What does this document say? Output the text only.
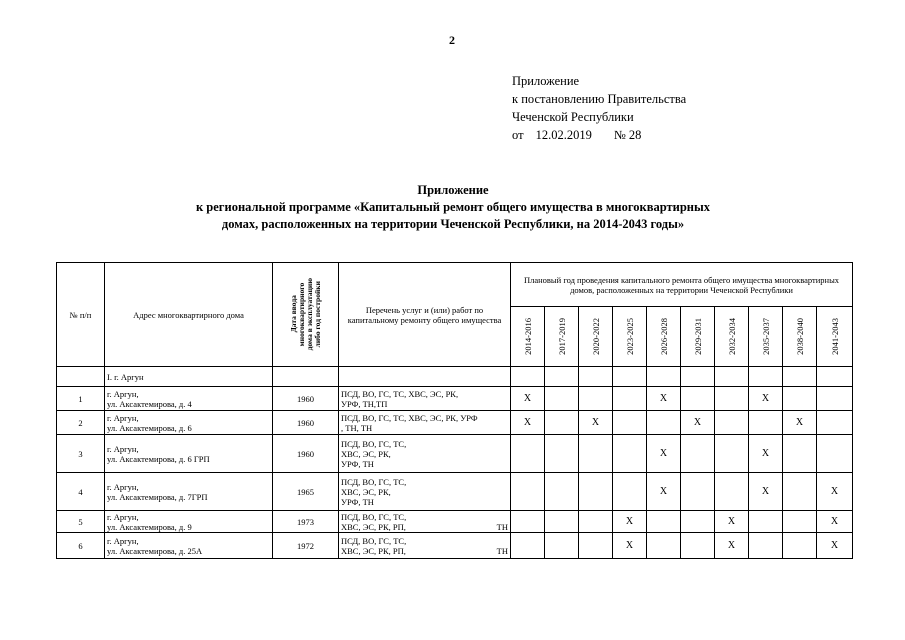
2
Приложение
к постановлению Правительства
Чеченской Республики
от 12.02.2019 № 28
Приложение
к региональной программе «Капитальный ремонт общего имущества в многоквартирных
домах, расположенных на территории Чеченской Республики, на 2014-2043 годы»
№ п/п	Адрес многоквартирного дома	Дата ввода
многоквартирного
дома в эксплуатацию
либо год постройки	Перечень услуг и (или) работ по капитальному ремонту общего имущества	Плановый год проведения капитального ремонта общего имущества многоквартирных домов, расположенных на территории Чеченской Республики									

				2014-2016	2017-2019	2020-2022	2023-2025	2026-2028	2029-2031	2032-2034	2035-2037	2038-2040	2041-2043

	I. г. Аргун												
1	г. Аргун,
ул. Аксактемирова, д. 4	1960	ПСД, ВО, ГС, ТС, ХВС, ЭС, РК,
УРФ, ТН,ТП	X				X			X		
2	г. Аргун,
ул. Аксактемирова, д. 6	1960	ПСД, ВО, ГС, ТС, ХВС, ЭС, РК, УРФ
, ТН, ТН	X		X			X			X	
3	г. Аргун,
ул. Аксактемирова, д. 6 ГРП	1960	ПСД, ВО, ГС, ТС,
ХВС, ЭС, РК,
УРФ, ТН					X			X		
4	г. Аргун,
ул. Аксактемирова, д. 7ГРП	1965	ПСД, ВО, ГС, ТС,
ХВС, ЭС, РК,
УРФ, ТН					X			X		X
5	г. Аргун,
ул. Аксактемирова, д. 9	1973	ПСД, ВО, ГС, ТС,
ХВС, ЭС, РК, РП, ТН				X			X			X
6	г. Аргун,
ул. Аксактемирова, д. 25А	1972	ПСД, ВО, ГС, ТС,
ХВС, ЭС, РК, РП, ТН				X			X			X
